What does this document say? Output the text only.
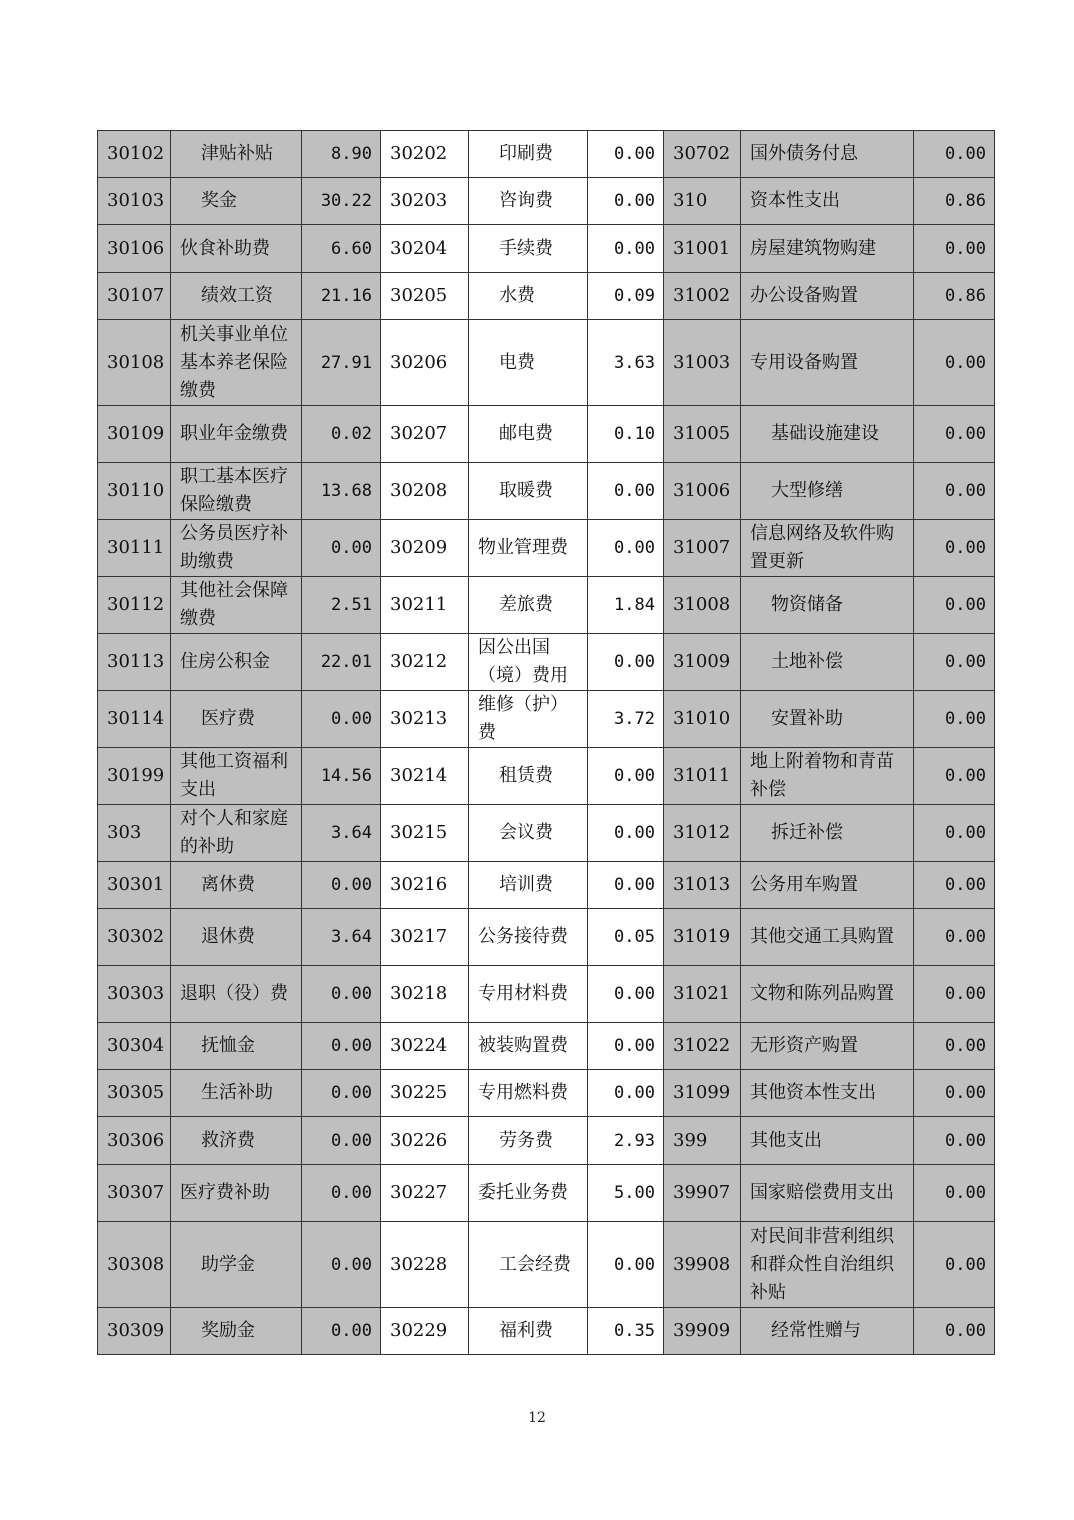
30102	津贴补贴	8.90	30202	印刷费	0.00	30702	国外债务付息	0.00
30103	奖金	30.22	30203	咨询费	0.00	310	资本性支出	0.86
30106	伙食补助费	6.60	30204	手续费	0.00	31001	房屋建筑物购建	0.00
30107	绩效工资	21.16	30205	水费	0.09	31002	办公设备购置	0.86
30108	机关事业单位基本养老保险缴费	27.91	30206	电费	3.63	31003	专用设备购置	0.00
30109	职业年金缴费	0.02	30207	邮电费	0.10	31005	基础设施建设	0.00
30110	职工基本医疗保险缴费	13.68	30208	取暖费	0.00	31006	大型修缮	0.00
30111	公务员医疗补助缴费	0.00	30209	物业管理费	0.00	31007	信息网络及软件购置更新	0.00
30112	其他社会保障缴费	2.51	30211	差旅费	1.84	31008	物资储备	0.00
30113	住房公积金	22.01	30212	因公出国（境）费用	0.00	31009	土地补偿	0.00
30114	医疗费	0.00	30213	维修（护）费	3.72	31010	安置补助	0.00
30199	其他工资福利支出	14.56	30214	租赁费	0.00	31011	地上附着物和青苗补偿	0.00
303	对个人和家庭的补助	3.64	30215	会议费	0.00	31012	拆迁补偿	0.00
30301	离休费	0.00	30216	培训费	0.00	31013	公务用车购置	0.00
30302	退休费	3.64	30217	公务接待费	0.05	31019	其他交通工具购置	0.00
30303	退职（役）费	0.00	30218	专用材料费	0.00	31021	文物和陈列品购置	0.00
30304	抚恤金	0.00	30224	被装购置费	0.00	31022	无形资产购置	0.00
30305	生活补助	0.00	30225	专用燃料费	0.00	31099	其他资本性支出	0.00
30306	救济费	0.00	30226	劳务费	2.93	399	其他支出	0.00
30307	医疗费补助	0.00	30227	委托业务费	5.00	39907	国家赔偿费用支出	0.00
30308	助学金	0.00	30228	工会经费	0.00	39908	对民间非营利组织和群众性自治组织补贴	0.00
30309	奖励金	0.00	30229	福利费	0.35	39909	经常性赠与	0.00
12
